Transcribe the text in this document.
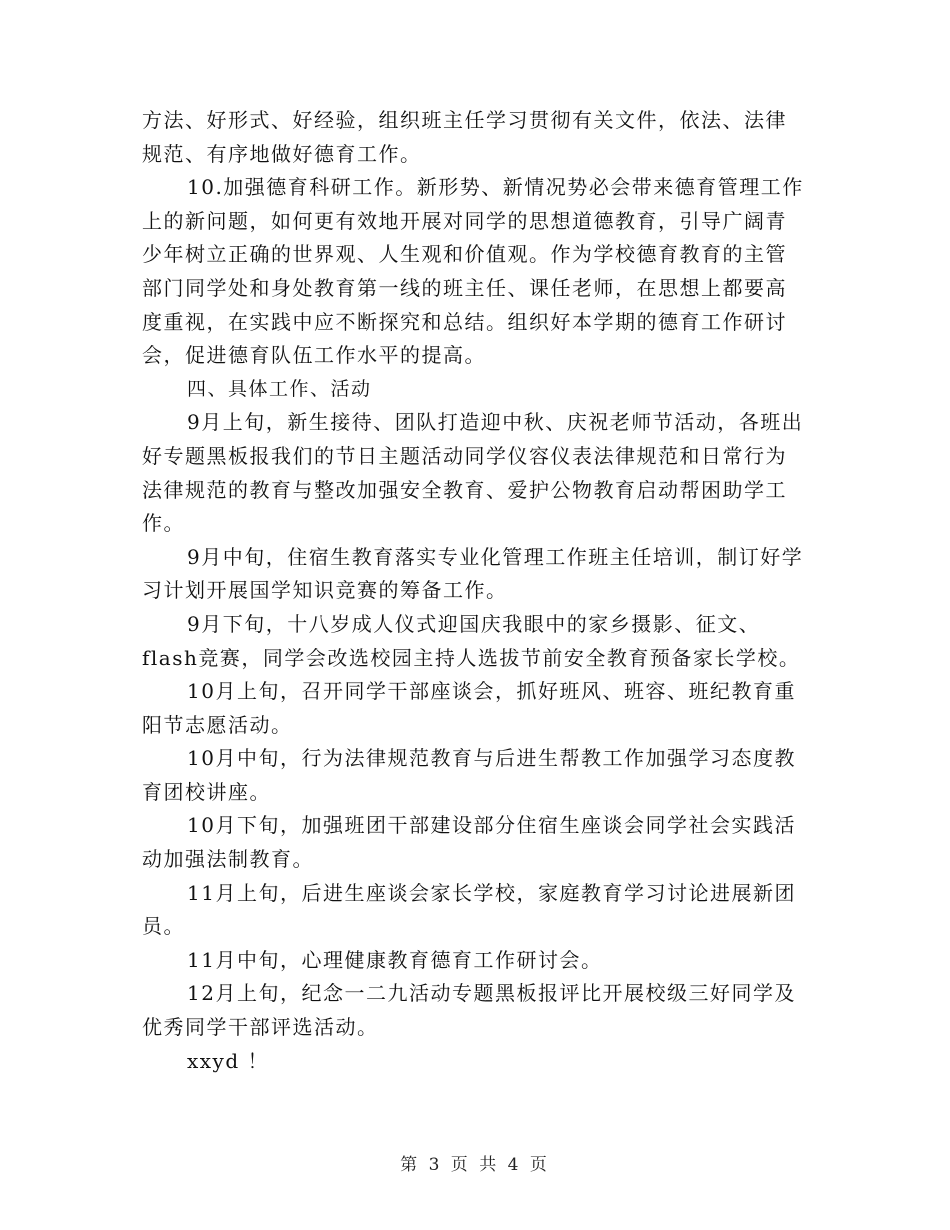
方法、好形式、好经验，组织班主任学习贯彻有关文件，依法、法律
规范、有序地做好德育工作。
10.加强德育科研工作。新形势、新情况势必会带来德育管理工作
上的新问题，如何更有效地开展对同学的思想道德教育，引导广阔青
少年树立正确的世界观、人生观和价值观。作为学校德育教育的主管
部门同学处和身处教育第一线的班主任、课任老师，在思想上都要高
度重视，在实践中应不断探究和总结。组织好本学期的德育工作研讨
会，促进德育队伍工作水平的提高。
四、具体工作、活动
9月上旬，新生接待、团队打造迎中秋、庆祝老师节活动，各班出
好专题黑板报我们的节日主题活动同学仪容仪表法律规范和日常行为
法律规范的教育与整改加强安全教育、爱护公物教育启动帮困助学工
作。
9月中旬，住宿生教育落实专业化管理工作班主任培训，制订好学
习计划开展国学知识竞赛的筹备工作。
9月下旬，十八岁成人仪式迎国庆我眼中的家乡摄影、征文、
flash竞赛，同学会改选校园主持人选拔节前安全教育预备家长学校。
10月上旬，召开同学干部座谈会，抓好班风、班容、班纪教育重
阳节志愿活动。
10月中旬，行为法律规范教育与后进生帮教工作加强学习态度教
育团校讲座。
10月下旬，加强班团干部建设部分住宿生座谈会同学社会实践活
动加强法制教育。
11月上旬，后进生座谈会家长学校，家庭教育学习讨论进展新团
员。
11月中旬，心理健康教育德育工作研讨会。
12月上旬，纪念一二九活动专题黑板报评比开展校级三好同学及
优秀同学干部评选活动。
xxyd ！
第 3 页 共 4 页
